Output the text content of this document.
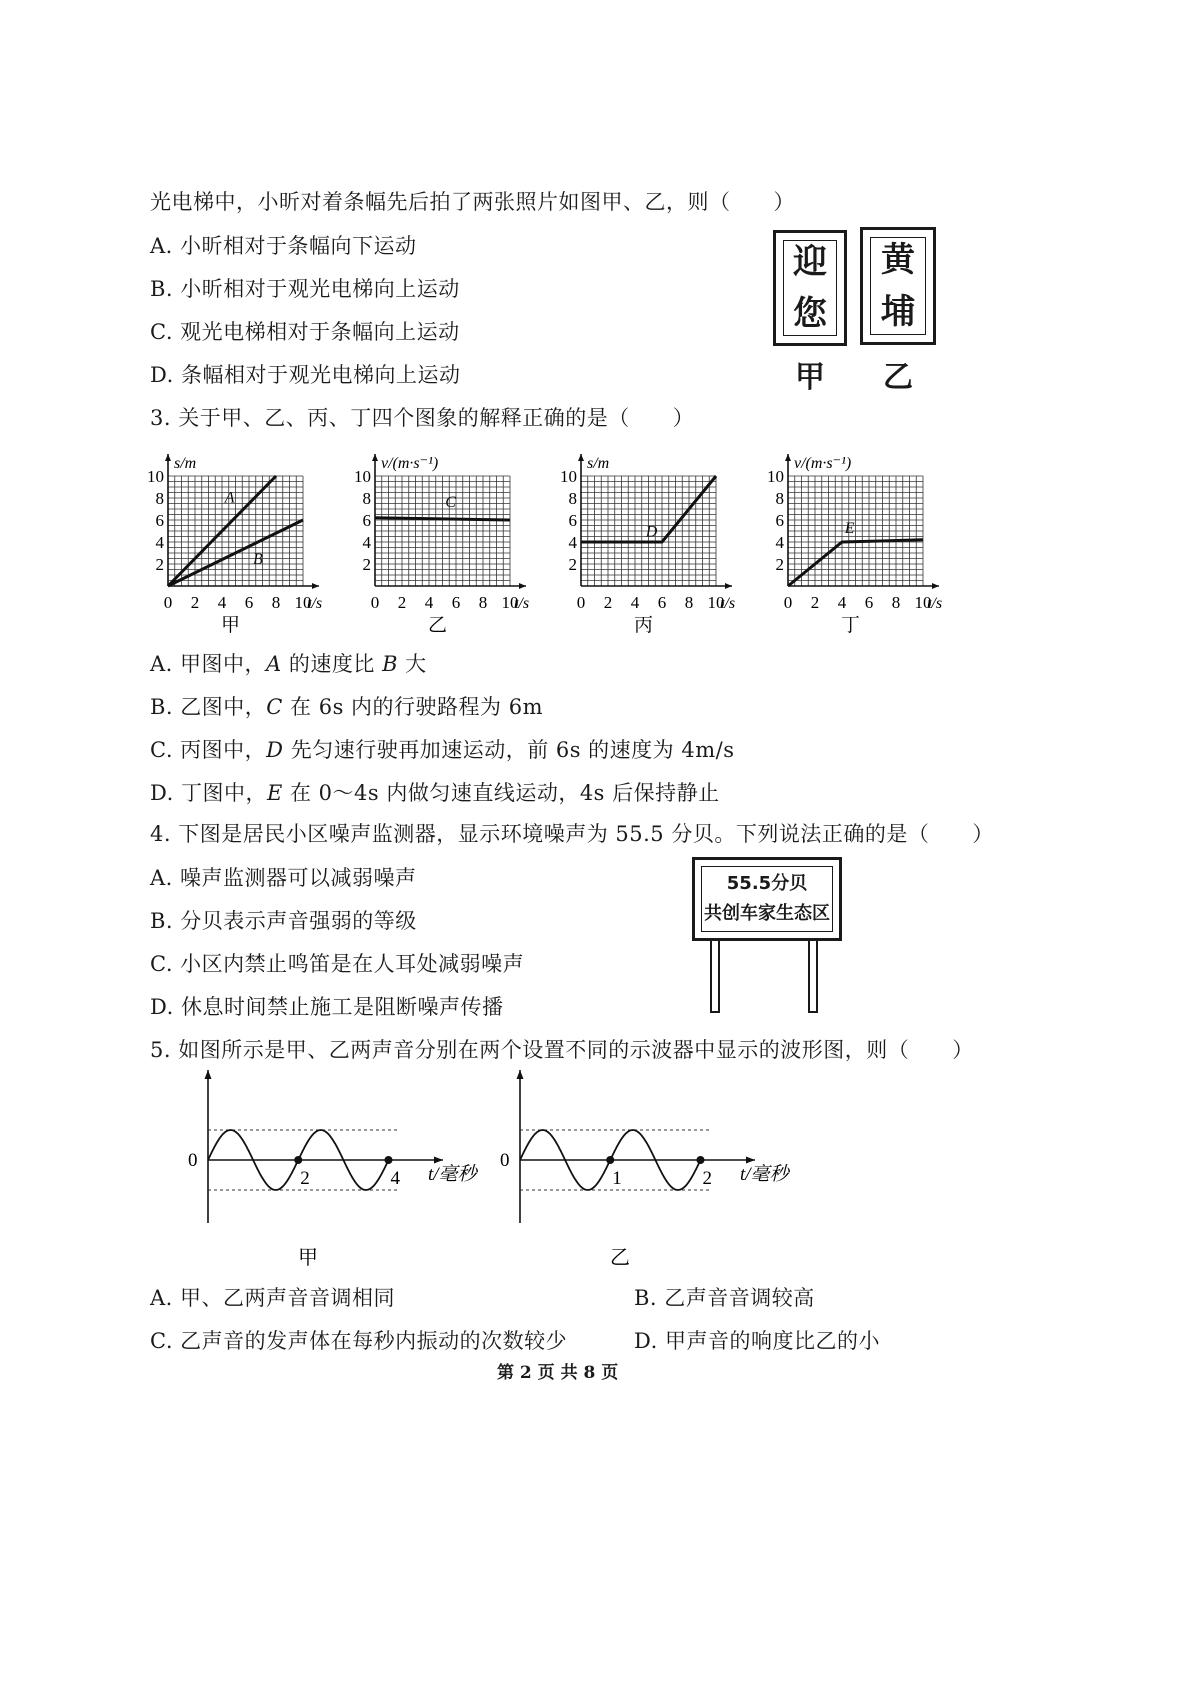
光电梯中，小昕对着条幅先后拍了两张照片如图甲、乙，则（　　）
A. 小昕相对于条幅向下运动
B. 小昕相对于观光电梯向上运动
C. 观光电梯相对于条幅向上运动
D. 条幅相对于观光电梯向上运动
迎
您
甲
黄
埔
乙
3. 关于甲、乙、丙、丁四个图象的解释正确的是（　　）
0 2 4 6 8 10
2
4
6
8
10
t/s
s/m
甲
A
B
0 2 4 6 8 10
2
4
6
8
10
t/s
v/(m·s⁻¹)
乙
C
0 2 4 6 8 10
2
4
6
8
10
t/s
s/m
丙
D
0 2 4 6 8 10
2
4
6
8
10
t/s
v/(m·s⁻¹)
丁
E
A. 甲图中，A 的速度比 B 大
B. 乙图中，C 在 6s 内的行驶路程为 6m
C. 丙图中，D 先匀速行驶再加速运动，前 6s 的速度为 4m/s
D. 丁图中，E 在 0～4s 内做匀速直线运动，4s 后保持静止
4. 下图是居民小区噪声监测器，显示环境噪声为 55.5 分贝。下列说法正确的是（　　）
A. 噪声监测器可以减弱噪声
B. 分贝表示声音强弱的等级
C. 小区内禁止鸣笛是在人耳处减弱噪声
D. 休息时间禁止施工是阻断噪声传播
55.5分贝
共创车家生态区
5. 如图所示是甲、乙两声音分别在两个设置不同的示波器中显示的波形图，则（　　）
2	4
0
t/毫秒
甲
1	2
0
t/毫秒
乙
A. 甲、乙两声音音调相同	B. 乙声音音调较高
C. 乙声音的发声体在每秒内振动的次数较少	D. 甲声音的响度比乙的小
第 2 页 共 8 页
